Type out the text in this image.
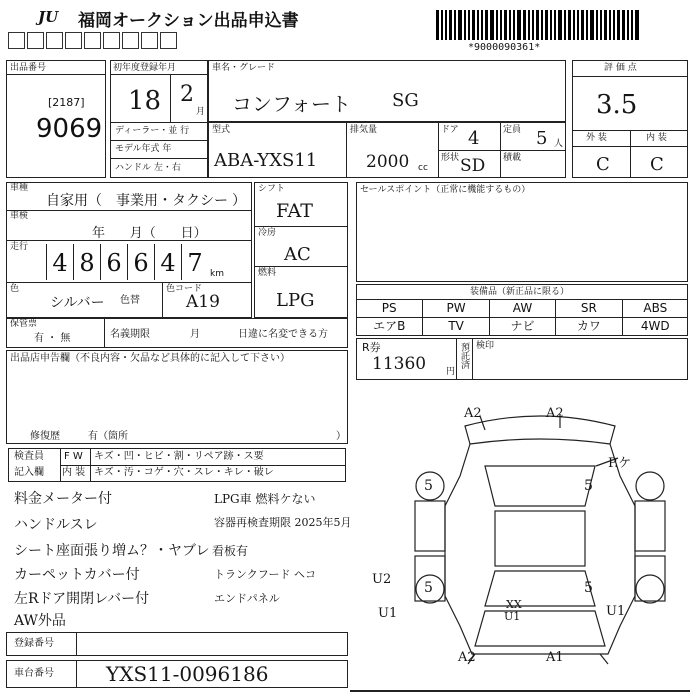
JU 福岡オークション出品申込書
*9000090361*
出品番号
[2187]
9069
初年度登録年月
18 2
月
ディーラー・並 行
モデル年式 年
ハンドル 左・右
車名・グレード
コンフォート SG
型式
ABA-YXS11
排気量
2000 cc
ドア 4	定員 5 人
形状 SD 積載
評 価 点
3.5
外 装	内 装
C C
車種
自家用（ 事業用・タクシー ）
車検
年      月（      日）
走行
4 8 6 6 4 7 km
色
シルバー 色替
色コード
A19
シフト
FAT
冷房
AC
燃料
LPG
セールスポイント（正常に機能するもの）
装備品（新正品に限る）
PS	PW	AW	SR	ABS
エアB	TV	ナビ	カワ	4WD
保管票
有 ・ 無	名義期限	月	日違に名変できる方
R券
11360 円
預託済 検印
出品店申告欄（不良内容・欠品など具体的に記入して下さい）
修復歴	有（箇所	）
検査員
記入欄
F W キズ・凹・ヒビ・割・リペア跡・ス要
内 装 キズ・汚・コゲ・穴・スレ・キレ・破レ
料金メーター付
ハンドルスレ
シート座面張り増ム？・ヤブレ
カーペットカバー付
左Rドア開閉レバー付
AW外品
LPG車 燃料ケない
容器再検査期限 2025年5月
看板有
トランクフード ヘコ
エンドパネル
登録番号
車台番号	YXS11-0096186
A2	A2
P.ケ
5	5
5	5
U2
U1	U1
XX
U1
A2	A1
